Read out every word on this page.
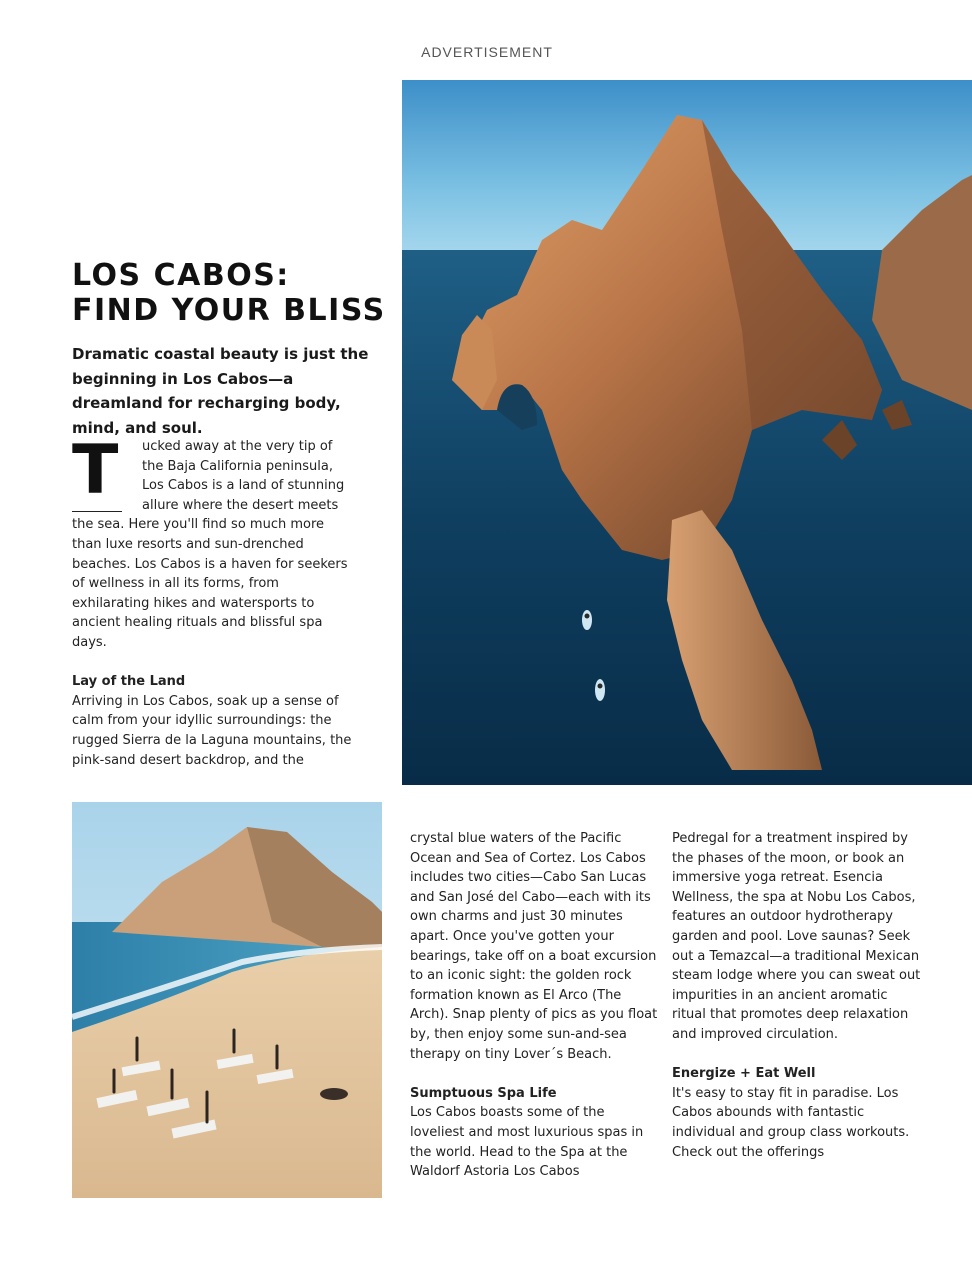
ADVERTISEMENT
LOS CABOS:
FIND YOUR BLISS

Dramatic coastal beauty is just the beginning in Los Cabos—a dreamland for recharging body, mind, and soul.

T	ucked away at the very tip of the Baja California peninsula, Los Cabos is a land of stunning allure where the desert meets the sea. Here you'll find so much more than luxe resorts and sun-drenched beaches. Los Cabos is a haven for seekers of wellness in all its forms, from exhilarating hikes and watersports to ancient healing rituals and blissful spa days.

Lay of the Land

Arriving in Los Cabos, soak up a sense of calm from your idyllic surroundings: the rugged Sierra de la Laguna mountains, the pink-sand desert backdrop, and the

crystal blue waters of the Pacific Ocean and Sea of Cortez. Los Cabos includes two cities—Cabo San Lucas and San José del Cabo—each with its own charms and just 30 minutes apart. Once you've gotten your bearings, take off on a boat excursion to an iconic sight: the golden rock formation known as El Arco (The Arch). Snap plenty of pics as you float by, then enjoy some sun-and-sea therapy on tiny Lover´s Beach.

Sumptuous Spa Life

Los Cabos boasts some of the loveliest and most luxurious spas in the world. Head to the Spa at the Waldorf Astoria Los Cabos

Pedregal for a treatment inspired by the phases of the moon, or book an immersive yoga retreat. Esencia Wellness, the spa at Nobu Los Cabos, features an outdoor hydrotherapy garden and pool. Love saunas? Seek out a Temazcal—a traditional Mexican steam lodge where you can sweat out impurities in an ancient aromatic ritual that promotes deep relaxation and improved circulation.

Energize + Eat Well

It's easy to stay fit in paradise. Los Cabos abounds with fantastic individual and group class workouts. Check out the offerings
